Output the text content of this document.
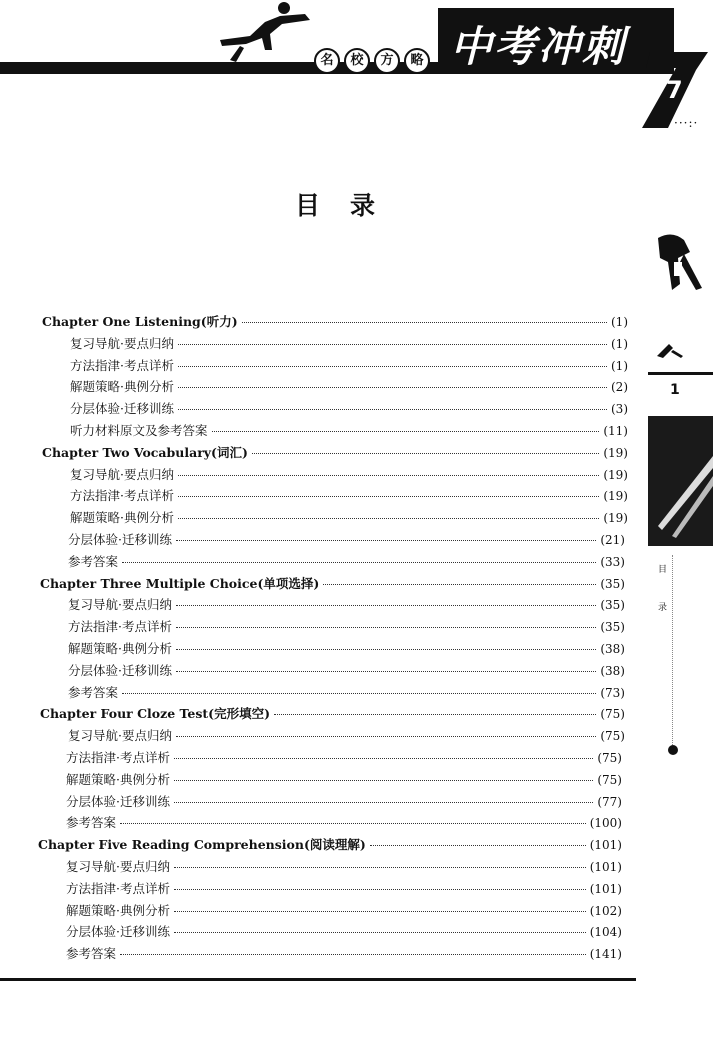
名	校	方	略 中考冲刺
7
···:·
目录
1
目
录
Chapter One Listening(听力)	(1)
复习导航·要点归纳	(1)
方法指津·考点详析	(1)
解题策略·典例分析	(2)
分层体验·迁移训练	(3)
听力材料原文及参考答案	(11)
Chapter Two Vocabulary(词汇)	(19)
复习导航·要点归纳	(19)
方法指津·考点详析	(19)
解题策略·典例分析	(19)
分层体验·迁移训练	(21)
参考答案	(33)
Chapter Three Multiple Choice(单项选择)	(35)
复习导航·要点归纳	(35)
方法指津·考点详析	(35)
解题策略·典例分析	(38)
分层体验·迁移训练	(38)
参考答案	(73)
Chapter Four Cloze Test(完形填空)	(75)
复习导航·要点归纳	(75)
方法指津·考点详析	(75)
解题策略·典例分析	(75)
分层体验·迁移训练	(77)
参考答案	(100)
Chapter Five Reading Comprehension(阅读理解)	(101)
复习导航·要点归纳	(101)
方法指津·考点详析	(101)
解题策略·典例分析	(102)
分层体验·迁移训练	(104)
参考答案	(141)
